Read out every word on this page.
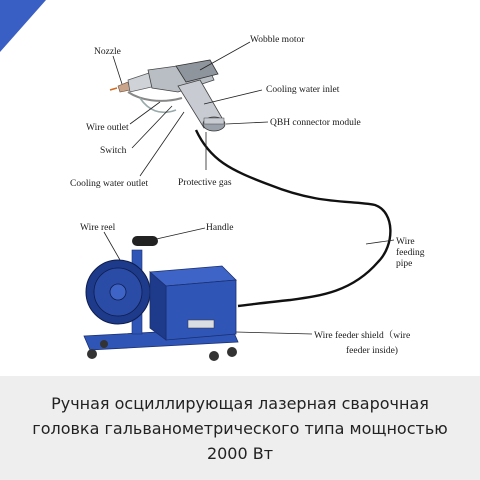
Nozzle
Wobble motor
Cooling water inlet
Wire outlet	QBH connector module
Switch
Cooling water outlet	Protective gas
Wire reel	Handle
Wire feeding pipe
Wire feeder shield（wire feeder inside)
Ручная осциллирующая лазерная сварочная головка гальванометрического типа мощностью 2000 Вт
